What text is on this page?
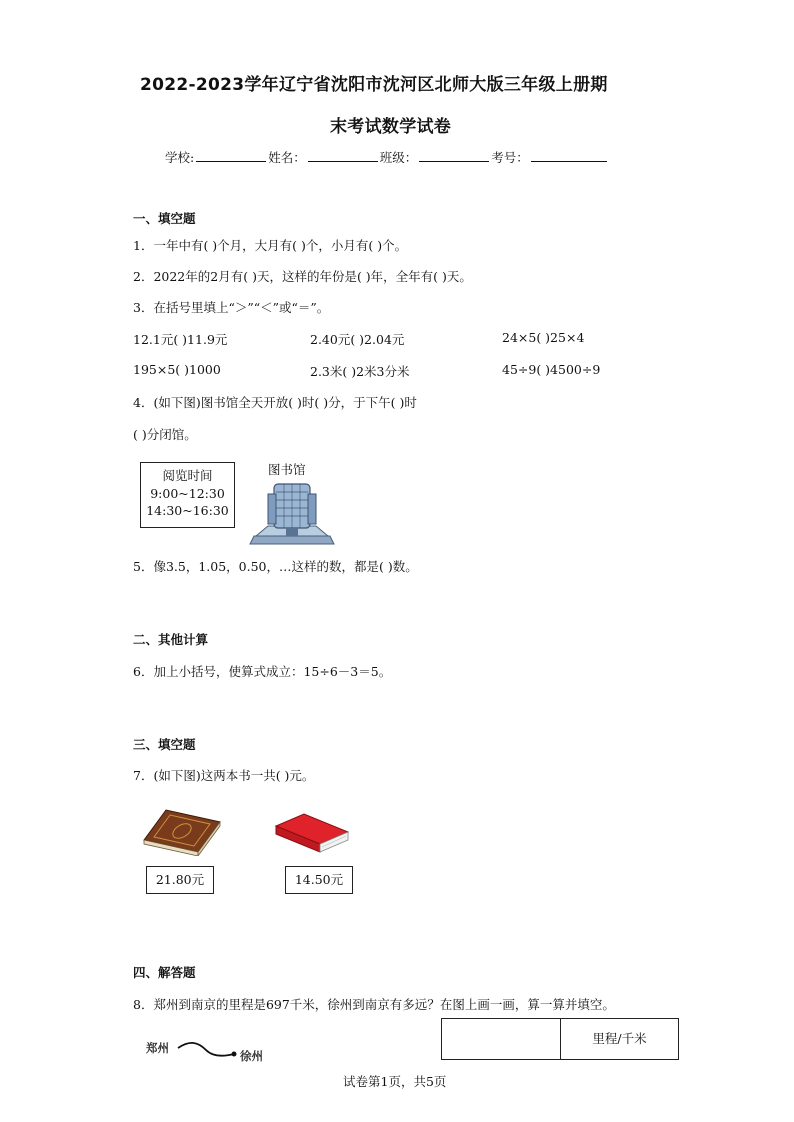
2022-2023学年辽宁省沈阳市沈河区北师大版三年级上册期
末考试数学试卷
学校:	姓名：	班级：	考号：
一、填空题
1．一年中有( )个月，大月有( )个，小月有( )个。
2．2022年的2月有( )天，这样的年份是( )年，全年有( )天。
3．在括号里填上“＞”“＜”或“＝”。
12.1元( )11.9元	2.40元( )2.04元	24×5( )25×4
195×5( )1000	2.3米( )2米3分米	45÷9( )4500÷9
4．(如下图)图书馆全天开放( )时( )分，于下午( )时
( )分闭馆。
阅览时间
9:00~12:30
14:30~16:30
图书馆
5．像3.5，1.05，0.50，…这样的数，都是( )数。
二、其他计算
6．加上小括号，使算式成立：15÷6－3＝5。
三、填空题
7．(如下图)这两本书一共( )元。
21.80元	14.50元
四、解答题
8．郑州到南京的里程是697千米，徐州到南京有多远？在图上画一画，算一算并填空。
郑州
徐州
里程/千米
试卷第1页，共5页
